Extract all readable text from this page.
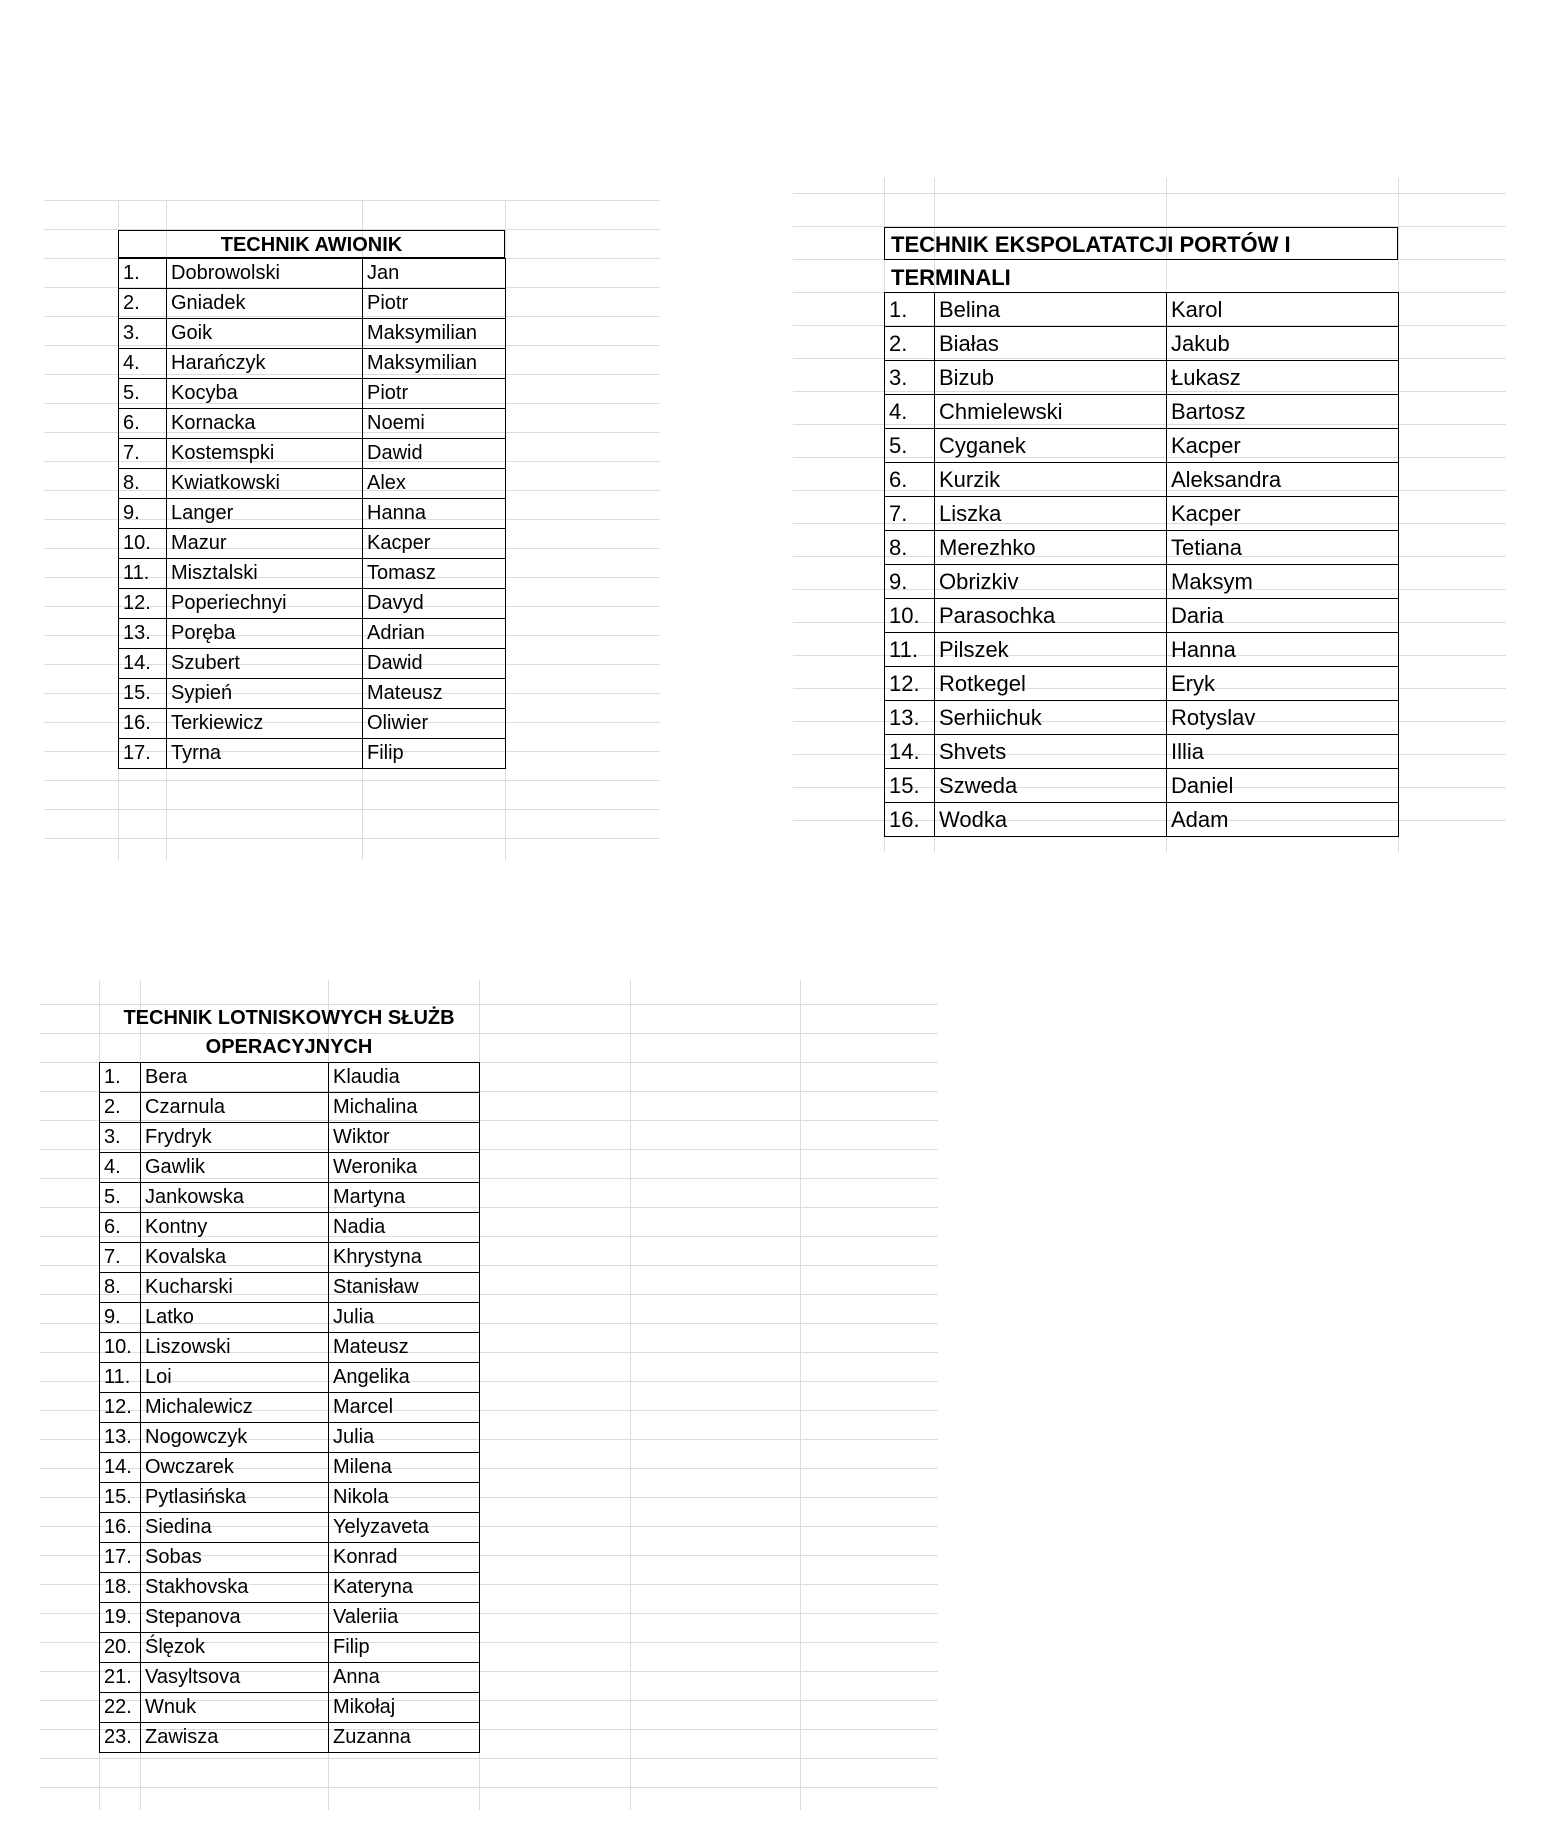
TECHNIK AWIONIK
1.	Dobrowolski	Jan
2.	Gniadek	Piotr
3.	Goik	Maksymilian
4.	Harańczyk	Maksymilian
5.	Kocyba	Piotr
6.	Kornacka	Noemi
7.	Kostemspki	Dawid
8.	Kwiatkowski	Alex
9.	Langer	Hanna
10.	Mazur	Kacper
11.	Misztalski	Tomasz
12.	Poperiechnyi	Davyd
13.	Poręba	Adrian
14.	Szubert	Dawid
15.	Sypień	Mateusz
16.	Terkiewicz	Oliwier
17.	Tyrna	Filip
TECHNIK EKSPOLATATCJI PORTÓW I TERMINALI
1.	Belina	Karol
2.	Białas	Jakub
3.	Bizub	Łukasz
4.	Chmielewski	Bartosz
5.	Cyganek	Kacper
6.	Kurzik	Aleksandra
7.	Liszka	Kacper
8.	Merezhko	Tetiana
9.	Obrizkiv	Maksym
10.	Parasochka	Daria
11.	Pilszek	Hanna
12.	Rotkegel	Eryk
13.	Serhiichuk	Rotyslav
14.	Shvets	Illia
15.	Szweda	Daniel
16.	Wodka	Adam
TECHNIK LOTNISKOWYCH SŁUŻB
OPERACYJNYCH
1.	Bera	Klaudia
2.	Czarnula	Michalina
3.	Frydryk	Wiktor
4.	Gawlik	Weronika
5.	Jankowska	Martyna
6.	Kontny	Nadia
7.	Kovalska	Khrystyna
8.	Kucharski	Stanisław
9.	Latko	Julia
10.	Liszowski	Mateusz
11.	Loi	Angelika
12.	Michalewicz	Marcel
13.	Nogowczyk	Julia
14.	Owczarek	Milena
15.	Pytlasińska	Nikola
16.	Siedina	Yelyzaveta
17.	Sobas	Konrad
18.	Stakhovska	Kateryna
19.	Stepanova	Valeriia
20.	Ślęzok	Filip
21.	Vasyltsova	Anna
22.	Wnuk	Mikołaj
23.	Zawisza	Zuzanna
